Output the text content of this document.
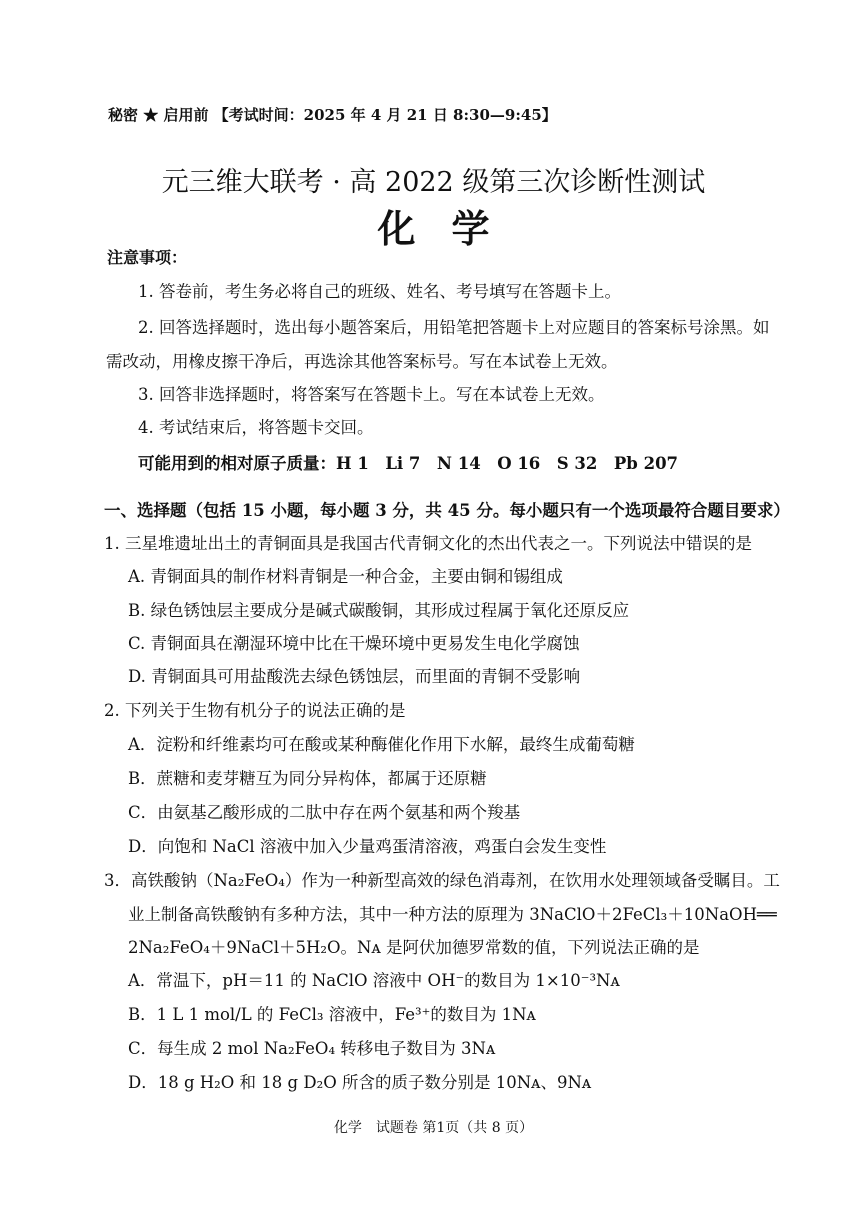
秘密 ★ 启用前 【考试时间：2025 年 4 月 21 日 8:30—9:45】
元三维大联考 · 高 2022 级第三次诊断性测试
化学
注意事项：
1. 答卷前，考生务必将自己的班级、姓名、考号填写在答题卡上。
2. 回答选择题时，选出每小题答案后，用铅笔把答题卡上对应题目的答案标号涂黑。如
需改动，用橡皮擦干净后，再选涂其他答案标号。写在本试卷上无效。
3. 回答非选择题时，将答案写在答题卡上。写在本试卷上无效。
4. 考试结束后，将答题卡交回。
可能用到的相对原子质量：H 1　Li 7　N 14　O 16　S 32　Pb 207
一、选择题（包括 15 小题，每小题 3 分，共 45 分。每小题只有一个选项最符合题目要求）
1. 三星堆遗址出土的青铜面具是我国古代青铜文化的杰出代表之一。下列说法中错误的是
A. 青铜面具的制作材料青铜是一种合金，主要由铜和锡组成
B. 绿色锈蚀层主要成分是碱式碳酸铜，其形成过程属于氧化还原反应
C. 青铜面具在潮湿环境中比在干燥环境中更易发生电化学腐蚀
D. 青铜面具可用盐酸洗去绿色锈蚀层，而里面的青铜不受影响
2. 下列关于生物有机分子的说法正确的是
A．淀粉和纤维素均可在酸或某种酶催化作用下水解，最终生成葡萄糖
B．蔗糖和麦芽糖互为同分异构体，都属于还原糖
C．由氨基乙酸形成的二肽中存在两个氨基和两个羧基
D．向饱和 NaCl 溶液中加入少量鸡蛋清溶液，鸡蛋白会发生变性
3．高铁酸钠（Na₂FeO₄）作为一种新型高效的绿色消毒剂，在饮用水处理领域备受瞩目。工
业上制备高铁酸钠有多种方法，其中一种方法的原理为 3NaClO＋2FeCl₃＋10NaOH══
2Na₂FeO₄＋9NaCl＋5H₂O。Nᴀ 是阿伏加德罗常数的值，下列说法正确的是
A．常温下，pH＝11 的 NaClO 溶液中 OH⁻的数目为 1×10⁻³Nᴀ
B．1 L 1 mol/L 的 FeCl₃ 溶液中，Fe³⁺的数目为 1Nᴀ
C．每生成 2 mol Na₂FeO₄ 转移电子数目为 3Nᴀ
D．18 g H₂O 和 18 g D₂O 所含的质子数分别是 10Nᴀ、9Nᴀ
化学　试题卷 第1页（共 8 页）
